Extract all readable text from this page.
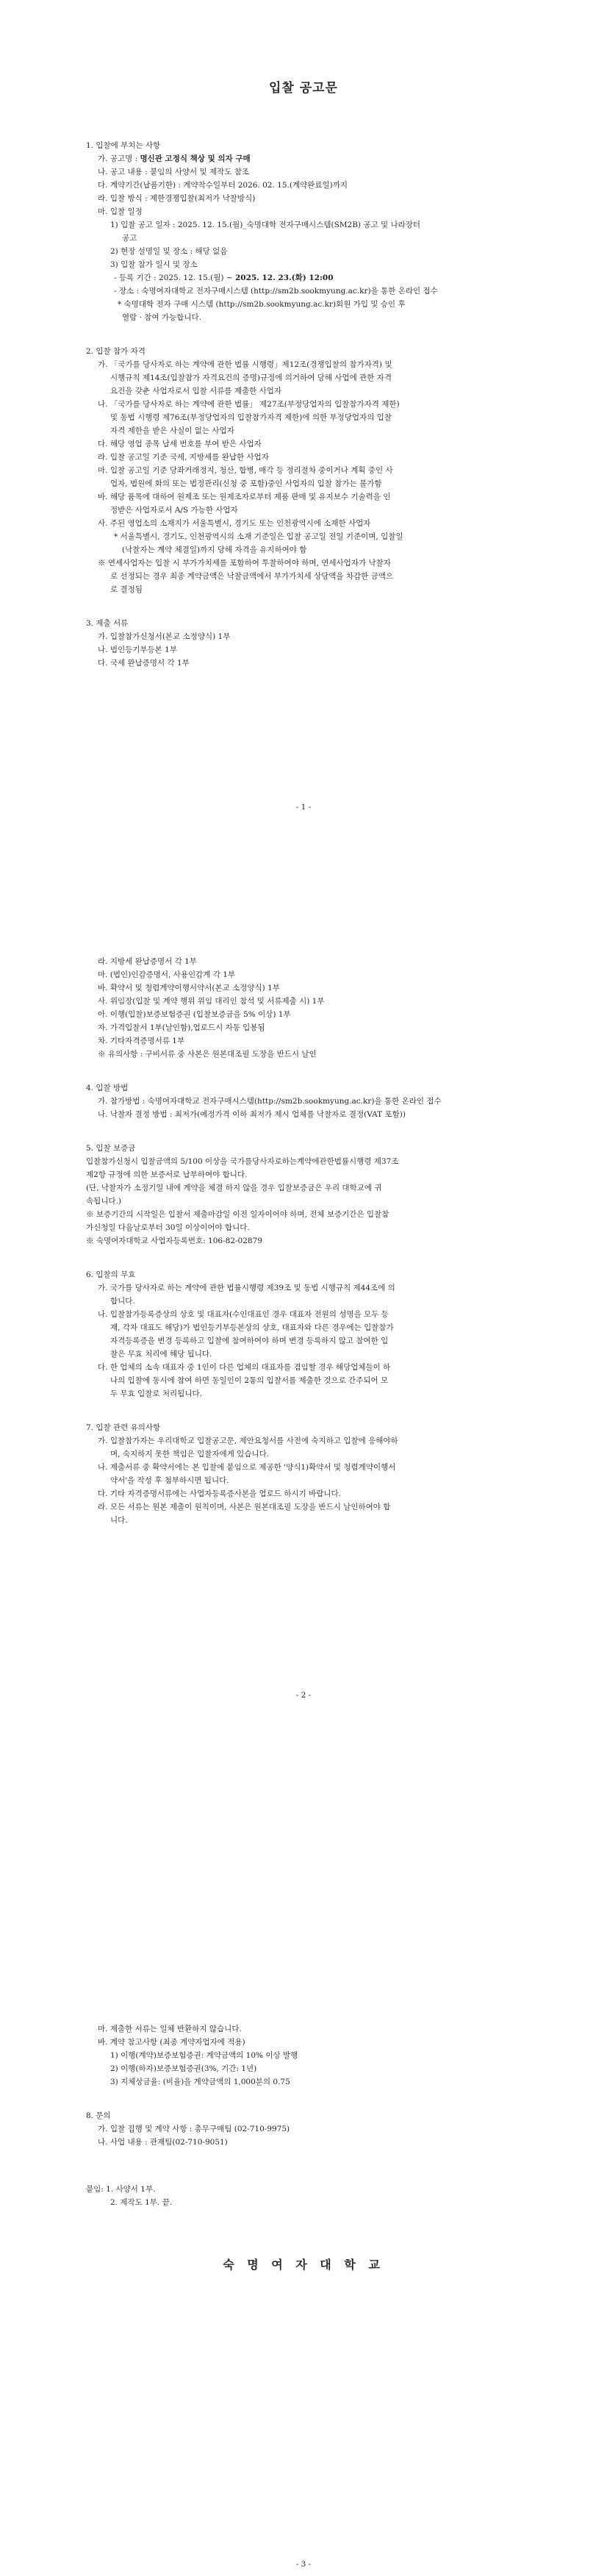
입찰 공고문
1. 입찰에 부치는 사항
가. 공고명 : 명신관 고정식 책상 및 의자 구매
나. 공고 내용 : 붙임의 사양서 및 제작도 참조
다. 계약기간(납품기한) : 계약착수일부터 2026. 02. 15.(계약완료일)까지
라. 입찰 방식 : 제한경쟁입찰(최저가 낙찰방식)
마. 입찰 일정
1) 입찰 공고 일자 : 2025. 12. 15.(월)_숙명대학 전자구매시스템(SM2B) 공고 및 나라장터
공고
2) 현장 설명일 및 장소 : 해당 없음
3) 입찰 참가 일시 및 장소
- 등록 기간 : 2025. 12. 15.(월) ~ 2025. 12. 23.(화) 12:00
- 장소 : 숙명여자대학교 전자구매시스템 (http://sm2b.sookmyung.ac.kr)을 통한 온라인 접수
* 숙명대학 전자 구매 시스템 (http://sm2b.sookmyung.ac.kr)회원 가입 및 승인 후
열람 · 참여 가능합니다.
2. 입찰 참가 자격
가. 「국가를 당사자로 하는 계약에 관한 법률 시행령」제12조(경쟁입찰의 참가자격) 및
시행규칙 제14조(입찰참가 자격요건의 증명)규정에 의거하여 당해 사업에 관한 자격
요건을 갖춘 사업자로서 입찰 서류를 제출한 사업자
나. 「국가를 당사자로 하는 계약에 관한 법률」 제27조(부정당업자의 입찰참가자격 제한)
및 동법 시행령 제76조(부정당업자의 입찰참가자격 제한)에 의한 부정당업자의 입찰
자격 제한을 받은 사실이 없는 사업자
다. 해당 영업 종목 납세 번호를 부여 받은 사업자
라. 입찰 공고일 기준 국세, 지방세를 완납한 사업자
마. 입찰 공고일 기준 당좌거래정지, 청산, 합병, 매각 등 정리절차 중이거나 계획 중인 사
업자, 법원에 화의 또는 법정관리(신청 중 포함)중인 사업자의 입찰 참가는 불가함
바. 해당 품목에 대하여 원제조 또는 원제조자로부터 제품 판매 및 유지보수 기술력을 인
정받은 사업자로서 A/S 가능한 사업자
사. 주된 영업소의 소재지가 서울특별시, 경기도 또는 인천광역시에 소재한 사업자
* 서울특별시, 경기도, 인천광역시의 소재 기준일은 입찰 공고일 전일 기준이며, 입찰일
(낙찰자는 계약 체결일)까지 당해 자격을 유지하여야 함
※ 연세사업자는 입찰 시 부가가치세를 포함하여 투찰하여야 하며, 연세사업자가 낙찰자
로 선정되는 경우 최종 계약금액은 낙찰금액에서 부가가치세 상당액을 차감한 금액으
로 결정됨
3. 제출 서류
가. 입찰참가신청서(본교 소정양식) 1부
나. 법인등기부등본 1부
다. 국세 완납증명서 각 1부
- 1 -
라. 지방세 완납증명서 각 1부
마. (법인)인감증명서, 사용인감계 각 1부
바. 확약서 및 청렴계약이행서약서(본교 소정양식) 1부
사. 위임장(입찰 및 계약 행위 위임 대리인 참석 및 서류제출 시) 1부
아. 이행(입찰)보증보험증권 (입찰보증금을 5% 이상) 1부
자. 가격입찰서 1부(날인함),업로드시 자동 입봉됨
차. 기타자격증명서류 1부
※ 유의사항 : 구비서류 중 사본은 원본대조필 도장을 반드시 날인
4. 입찰 방법
가. 참가방법 : 숙명여자대학교 전자구매시스템(http://sm2b.sookmyung.ac.kr)을 통한 온라인 접수
나. 낙찰자 결정 방법 : 최저가(예정가격 이하 최저가 제시 업체를 낙찰자로 결정(VAT 포함))
5. 입찰 보증금
입찰참가신청시 입찰금액의 5/100 이상을 국가를당사자로하는계약에관한법률시행령 제37조
제2항 규정에 의한 보증서로 납부하여야 합니다.
(단, 낙찰자가 소정기일 내에 계약을 체결 하지 않을 경우 입찰보증금은 우리 대학교에 귀
속됩니다.)
※ 보증기간의 시작일은 입찰서 제출마감일 이전 일자이어야 하며, 전체 보증기간은 입찰참
가신청일 다음날로부터 30일 이상이어야 합니다.
※ 숙명여자대학교 사업자등록번호: 106-82-02879
6. 입찰의 무효
가. 국가를 당사자로 하는 계약에 관한 법률시행령 제39조 및 동법 시행규칙 제44조에 의
합니다.
나. 입찰참가등록증상의 상호 및 대표자(수인대표인 경우 대표자 전원의 성명을 모두 등
재, 각자 대표도 해당)가 법인등기부등본상의 상호, 대표자와 다른 경우에는 입찰참가
자격등록증을 변경 등록하고 입찰에 참여하여야 하며 변경 등록하지 않고 참여한 입
찰은 무효 처리에 해당 됩니다.
다. 한 업체의 소속 대표자 중 1인이 다른 업체의 대표자를 겸임할 경우 해당업체들이 하
나의 입찰에 동시에 참여 하면 동일인이 2통의 입찰서를 제출한 것으로 간주되어 모
두 무효 입찰로 처리됩니다.
7. 입찰 관련 유의사항
가. 입찰참가자는 우리대학교 입찰공고문, 제안요청서를 사전에 숙지하고 입찰에 응해야하
며, 숙지하지 못한 책임은 입찰자에게 있습니다.
나. 제출서류 중 확약서에는 본 입찰에 붙임으로 제공한 '양식1)확약서 및 청렴계약이행서
약서'을 작성 후 첨부하시면 됩니다.
다. 기타 자격증명서류에는 사업자등록증사본을 업로드 하시기 바랍니다.
라. 모든 서류는 원본 제출이 원칙이며, 사본은 원본대조필 도장을 반드시 날인하여야 합
니다.
- 2 -
마. 제출한 서류는 일체 반환하지 않습니다.
바. 계약 참고사항 (최종 계약자업자에 적용)
1) 이행(계약)보증보험증권: 계약금액의 10% 이상 발행
2) 이행(하자)보증보험증권(3%, 기간: 1년)
3) 지체상금율: (비율)을 계약금액의 1,000분의 0.75
8. 문의
가. 입찰 집행 및 계약 사항 : 총무구매팀 (02-710-9975)
나. 사업 내용 : 관재팀(02-710-9051)
붙임: 1. 사양서 1부.
2. 제작도 1부. 끝.
숙 명 여 자 대 학 교
- 3 -
